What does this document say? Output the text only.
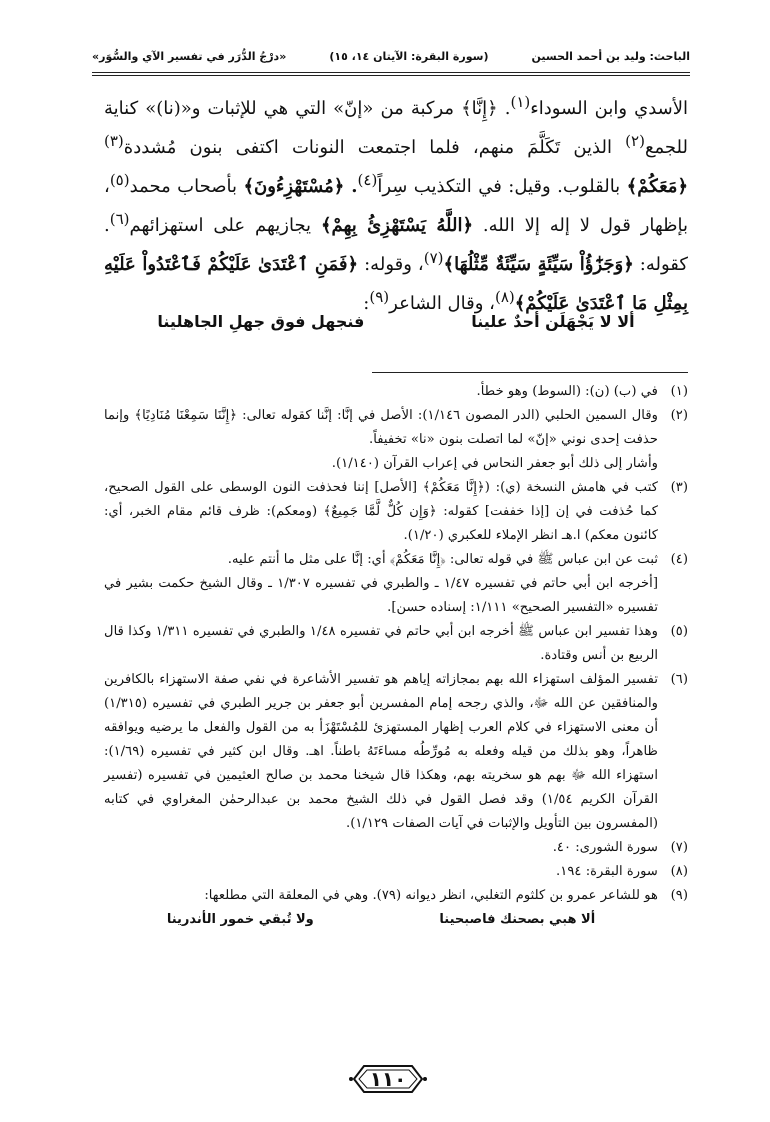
الباحث: وليد بن أحمد الحسين
(سورة البقرة: الآيتان ١٤، ١٥)
«درْجُ الدُّرَر في تفسير الآي والسُّوَر»

الأسدي وابن السوداء$^{(١)}$. ﴿إِنَّا﴾ مركبة من «إنّ» التي هي للإثبات و«(نا)» كناية للجمع$^{(٢)}$ الذين تَكَلَّمَ منهم، فلما اجتمعت النونات اكتفى بنون مُشددة$^{(٣)}$ ﴿مَعَكُمْ﴾ بالقلوب. وقيل: في التكذيب سِراً$^{(٤)}$. ﴿مُسْتَهْزِءُونَ﴾ بأصحاب محمد$^{(٥)}$، بإظهار قول لا إله إلا الله. ﴿اللَّهُ يَسْتَهْزِئُ بِهِمْ﴾ يجازيهم على استهزائهم$^{(٦)}$. كقوله: ﴿وَجَزَٰٓؤُاْ سَيِّئَةٍ سَيِّئَةٌ مِّثْلُهَا﴾$^{(٧)}$، وقوله: ﴿فَمَنِ ٱعْتَدَىٰ عَلَيْكُمْ فَٱعْتَدُواْ عَلَيْهِ بِمِثْلِ مَا ٱعْتَدَىٰ عَلَيْكُمْ﴾$^{(٨)}$، وقال الشاعر$^{(٩)}$:

ألا لا يَجْهَلَن أحدٌ علينا
فنجهل فوق جهلِ الجاهلينا
(١)

في (ب) (ن): (السوط) وهو خطأ.

(٢)

وقال السمين الحلبي (الدر المصون ١/١٤٦): الأصل في إنَّا: إنَّنا كقوله تعالى: ﴿إِنَّنَا سَمِعْنَا مُنَادِيًا﴾ وإنما حذفت إحدى نوني «إنّ» لما اتصلت بنون «نا» تخفيفاً.

وأشار إلى ذلك أبو جعفر النحاس في إعراب القرآن (١/١٤٠).

(٣)

كتب في هامش النسخة (ي): (﴿إِنَّا مَعَكُمْ﴾ [الأصل] إننا فحذفت النون الوسطى على القول الصحيح، كما حُذفت في إن [إذا خففت] كقوله: ﴿وَإِن كُلٌّ لَّمَّا جَمِيعٌ﴾ (ومعكم): ظرف قائم مقام الخبر، أي: كائنون معكم) ا.هـ انظر الإملاء للعكبري (١/٢٠).

(٤)

ثبت عن ابن عباس ﷺ في قوله تعالى: ﴿إِنَّا مَعَكُمْ﴾ أي: إنَّا على مثل ما أنتم عليه.

[أخرجه ابن أبي حاتم في تفسيره ١/٤٧ ـ والطبري في تفسيره ١/٣٠٧ ـ وقال الشيخ حكمت بشير في تفسيره «التفسير الصحيح» ١/١١١: إسناده حسن].

(٥)

وهذا تفسير ابن عباس ﷺ أخرجه ابن أبي حاتم في تفسيره ١/٤٨ والطبري في تفسيره ١/٣١١ وكذا قال الربيع بن أنس وقتادة.

(٦)

تفسير المؤلف استهزاء الله بهم بمجازاته إياهم هو تفسير الأشاعرة في نفي صفة الاستهزاء بالكافرين والمنافقين عن الله ﷻ، والذي رجحه إمام المفسرين أبو جعفر بن جرير الطبري في تفسيره (١/٣١٥) أن معنى الاستهزاء في كلام العرب إظهار المستهزئ للمُسْتَهْزَأ به من القول والفعل ما يرضيه ويوافقه ظاهراً، وهو بذلك من قيله وفعله به مُورِّطُه مساءَتَهُ باطناً. اهـ. وقال ابن كثير في تفسيره (١/٦٩): استهزاء الله ﷻ بهم هو سخريته بهم، وهكذا قال شيخنا محمد بن صالح العثيمين في تفسيره (تفسير القرآن الكريم ١/٥٤) وقد فصل القول في ذلك الشيخ محمد بن عبدالرحمٰن المغراوي في كتابه (المفسرون بين التأويل والإثبات في آيات الصفات ١/١٢٩).

(٧)

سورة الشورى: ٤٠.

(٨)

سورة البقرة: ١٩٤.

(٩)

هو للشاعر عمرو بن كلثوم التغلبي، انظر ديوانه (٧٩). وهي في المعلقة التي مطلعها:

ألا هبي بصحنك فاصبحينا
ولا تُبقي خمور الأندرينا
١١٠
